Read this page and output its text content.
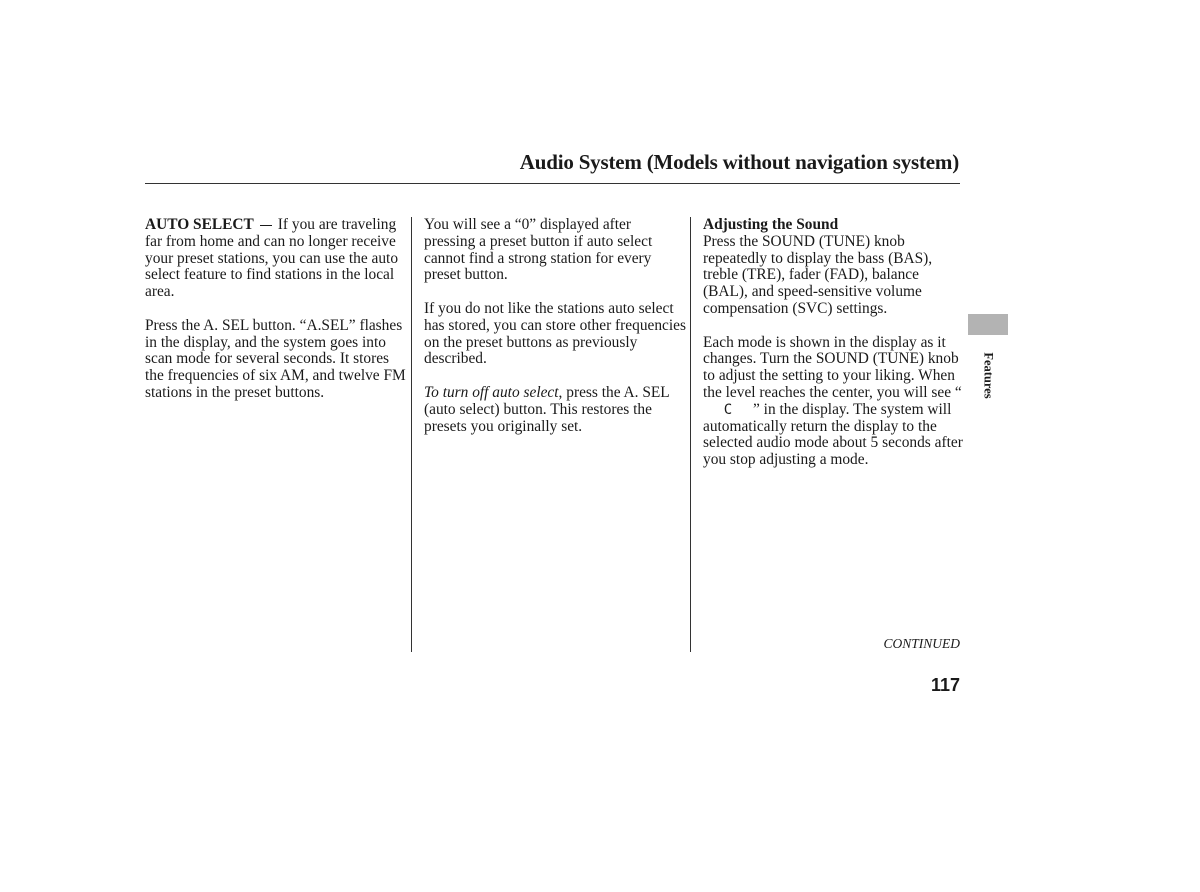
Audio System (Models without navigation system)

AUTO SELECT If you are traveling far from home and can no longer receive your preset stations, you can use the auto select feature to find stations in the local area.

Press the A. SEL button. “A.SEL” flashes in the display, and the system goes into scan mode for several seconds. It stores the frequencies of six AM, and twelve FM stations in the preset buttons.

You will see a “0” displayed after pressing a preset button if auto select cannot find a strong station for every preset button.

If you do not like the stations auto select has stored, you can store other frequencies on the preset buttons as previously described.

To turn off auto select, press the A. SEL (auto select) button. This restores the presets you originally set.

Adjusting the Sound

Press the SOUND (TUNE) knob repeatedly to display the bass (BAS), treble (TRE), fader (FAD), balance (BAL), and speed-sensitive volume compensation (SVC) settings.

Each mode is shown in the display as it changes. Turn the SOUND (TUNE) knob to adjust the setting to your liking. When the level reaches the center, you will see “C ” in the display. The system will automatically return the display to the selected audio mode about 5 seconds after you stop adjusting a mode.

Features
CONTINUED
117
